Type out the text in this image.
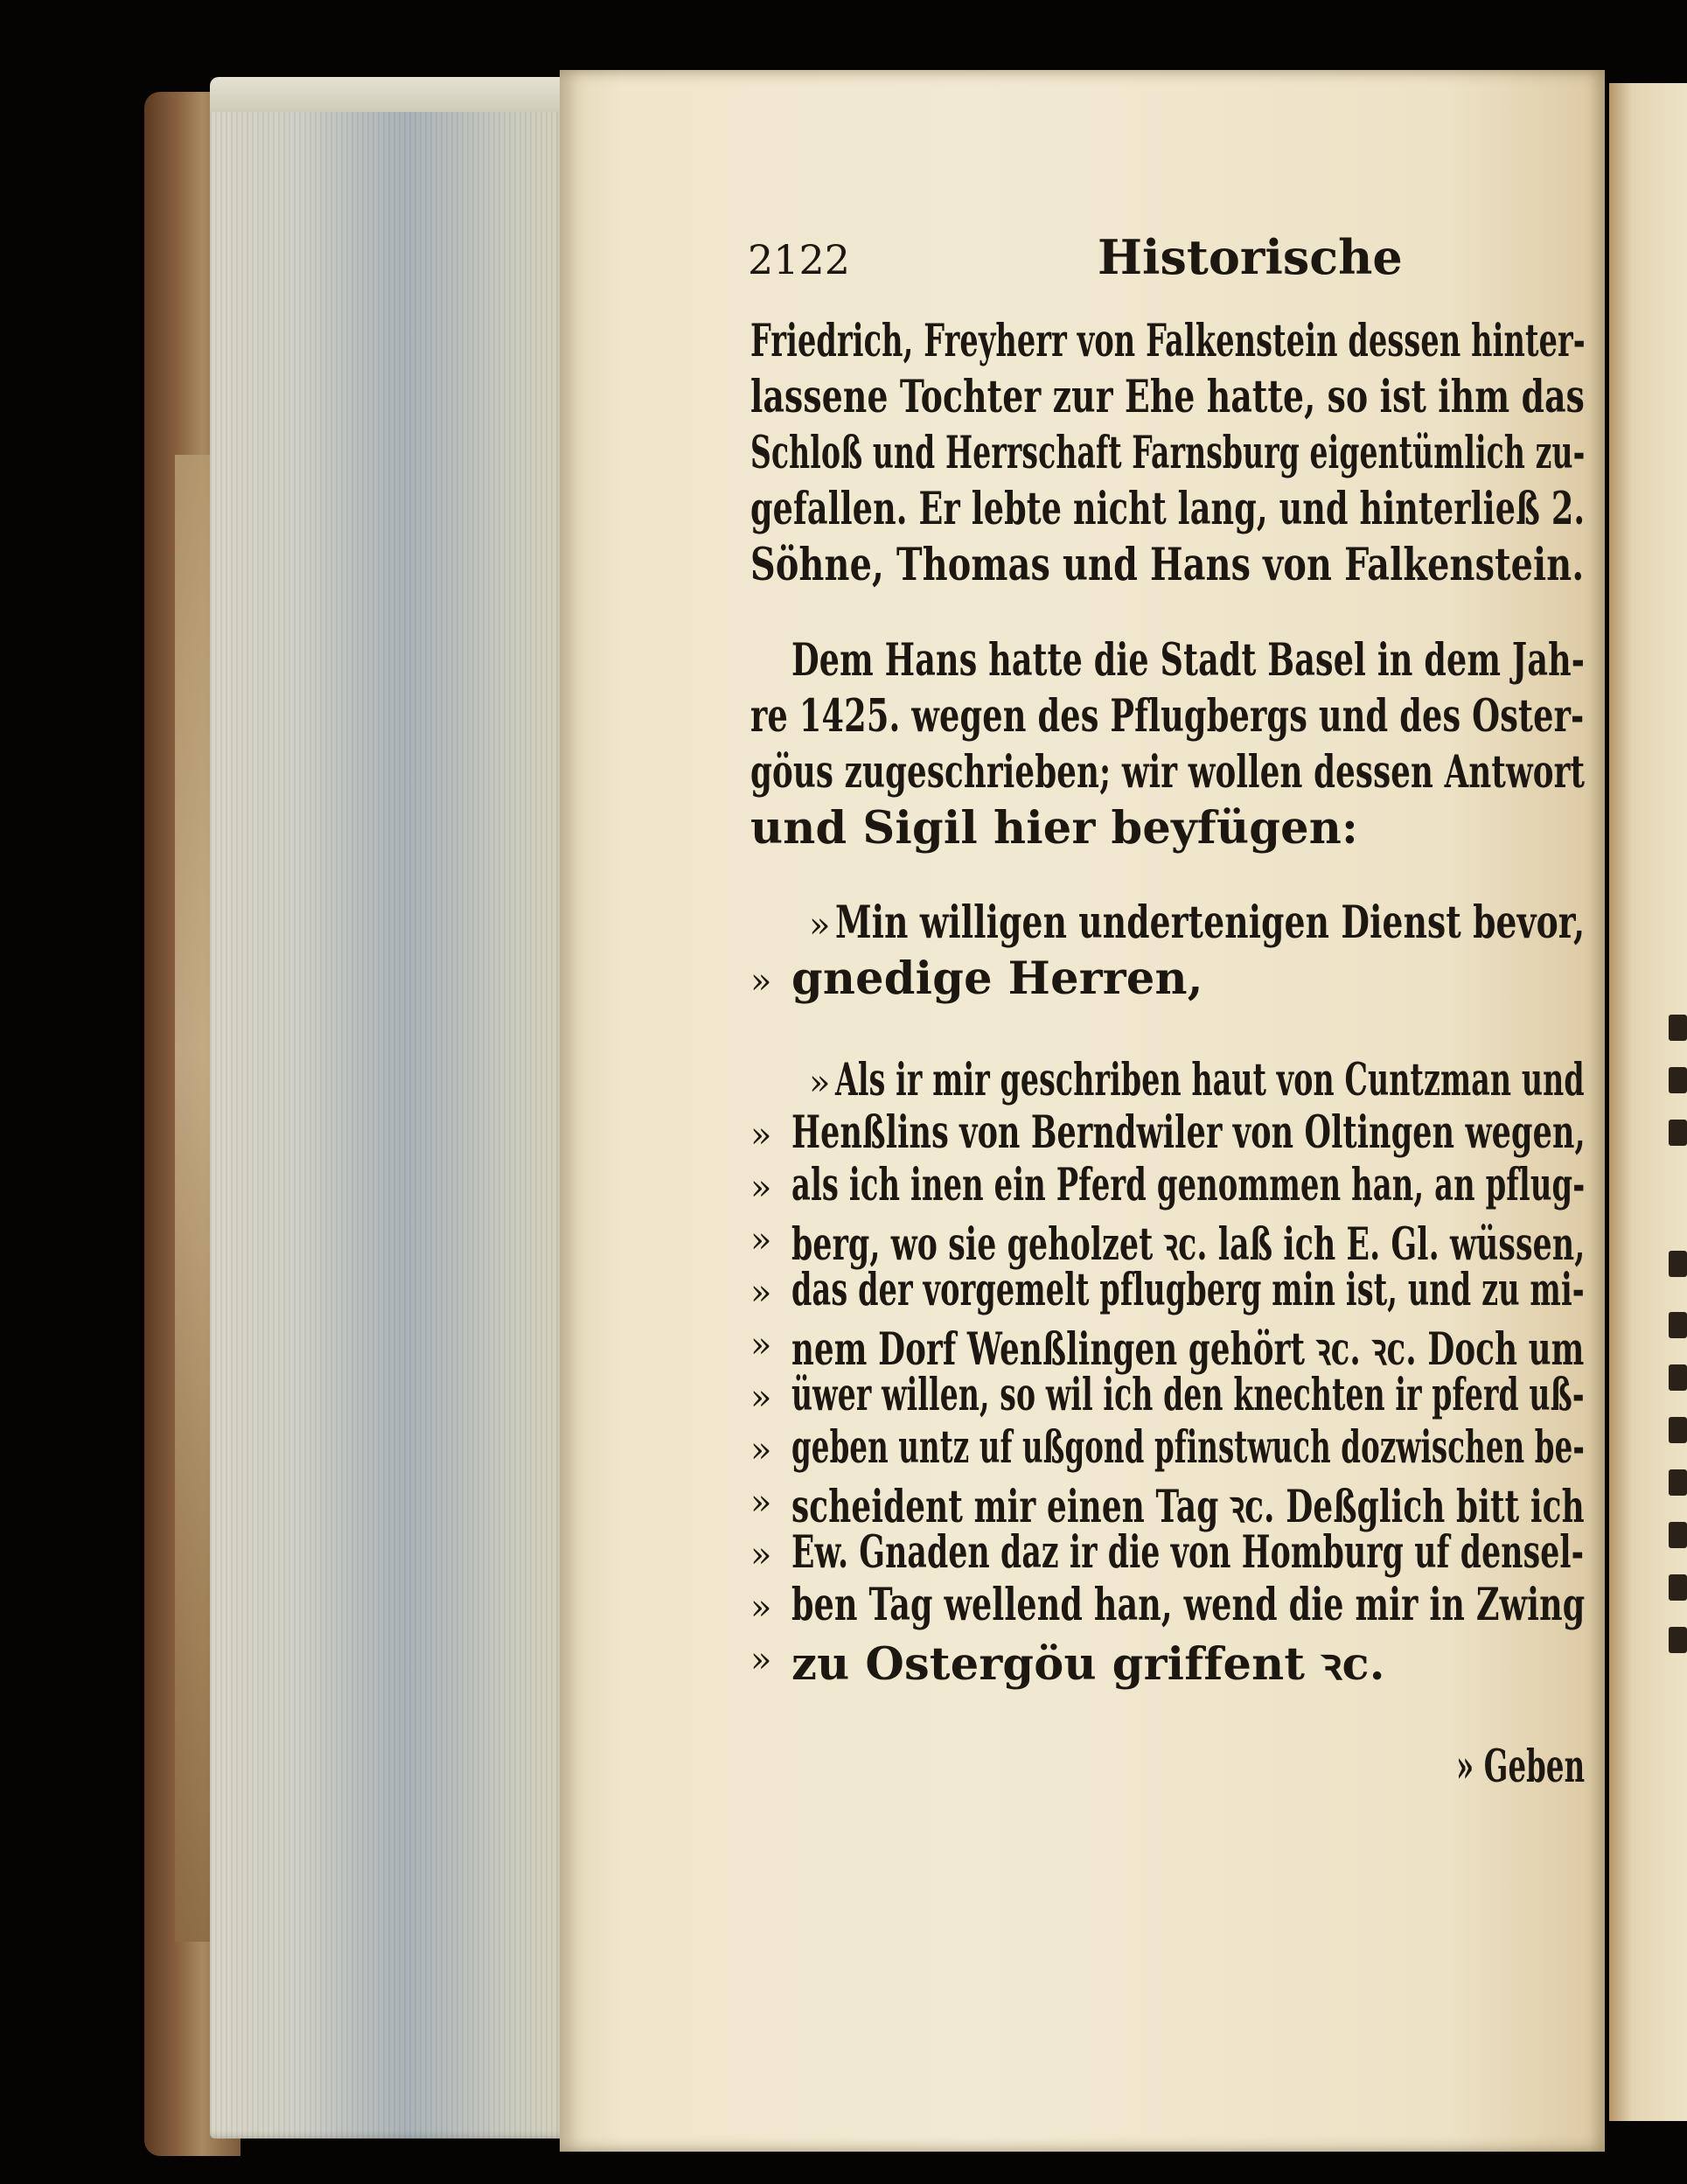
2122	Historische
Friedrich, Freyherr von Falkenstein dessen hinter-
lassene Tochter zur Ehe hatte, so ist ihm das
Schloß und Herrschaft Farnsburg eigentümlich zu-
gefallen. Er lebte nicht lang, und hinterließ 2.
Söhne, Thomas und Hans von Falkenstein.
Dem Hans hatte die Stadt Basel in dem Jah-
re 1425. wegen des Pflugbergs und des Oster-
göus zugeschrieben; wir wollen dessen Antwort
und Sigil hier beyfügen:
» Min willigen undertenigen Dienst bevor,
» gnedige Herren,
» Als ir mir geschriben haut von Cuntzman und
» Henßlins von Berndwiler von Oltingen wegen,
» als ich inen ein Pferd genommen han, an pflug-
» berg, wo sie geholzet ꝛc. laß ich E. Gl. wüssen,
» das der vorgemelt pflugberg min ist, und zu mi-
» nem Dorf Wenßlingen gehört ꝛc. ꝛc. Doch um
» üwer willen, so wil ich den knechten ir pferd uß-
» geben untz uf ußgond pfinstwuch dozwischen be-
» scheident mir einen Tag ꝛc. Deßglich bitt ich
» Ew. Gnaden daz ir die von Homburg uf densel-
» ben Tag wellend han, wend die mir in Zwing
» zu Ostergöu griffent ꝛc.
» Geben
